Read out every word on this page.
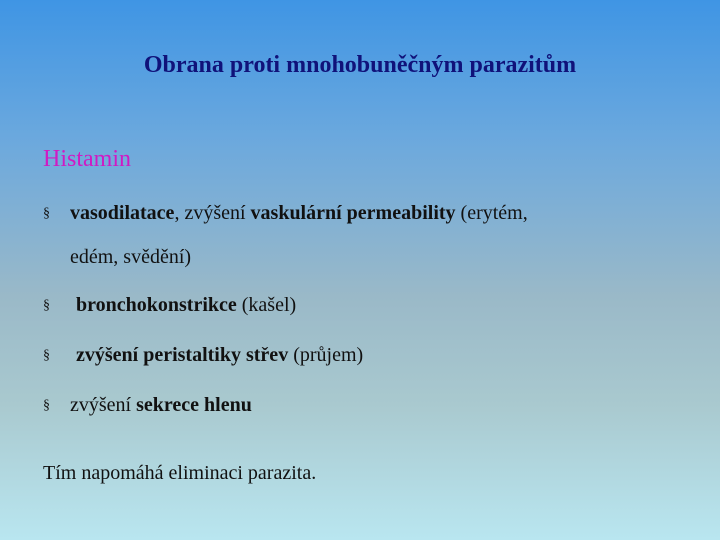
Obrana proti mnohobuněčným parazitům
Histamin
§ vasodilatace, zvýšení vaskulární permeability (erytém,
edém, svědění)
§ bronchokonstrikce (kašel)
§ zvýšení peristaltiky střev (průjem)
§ zvýšení sekrece hlenu
Tím napomáhá eliminaci parazita.
